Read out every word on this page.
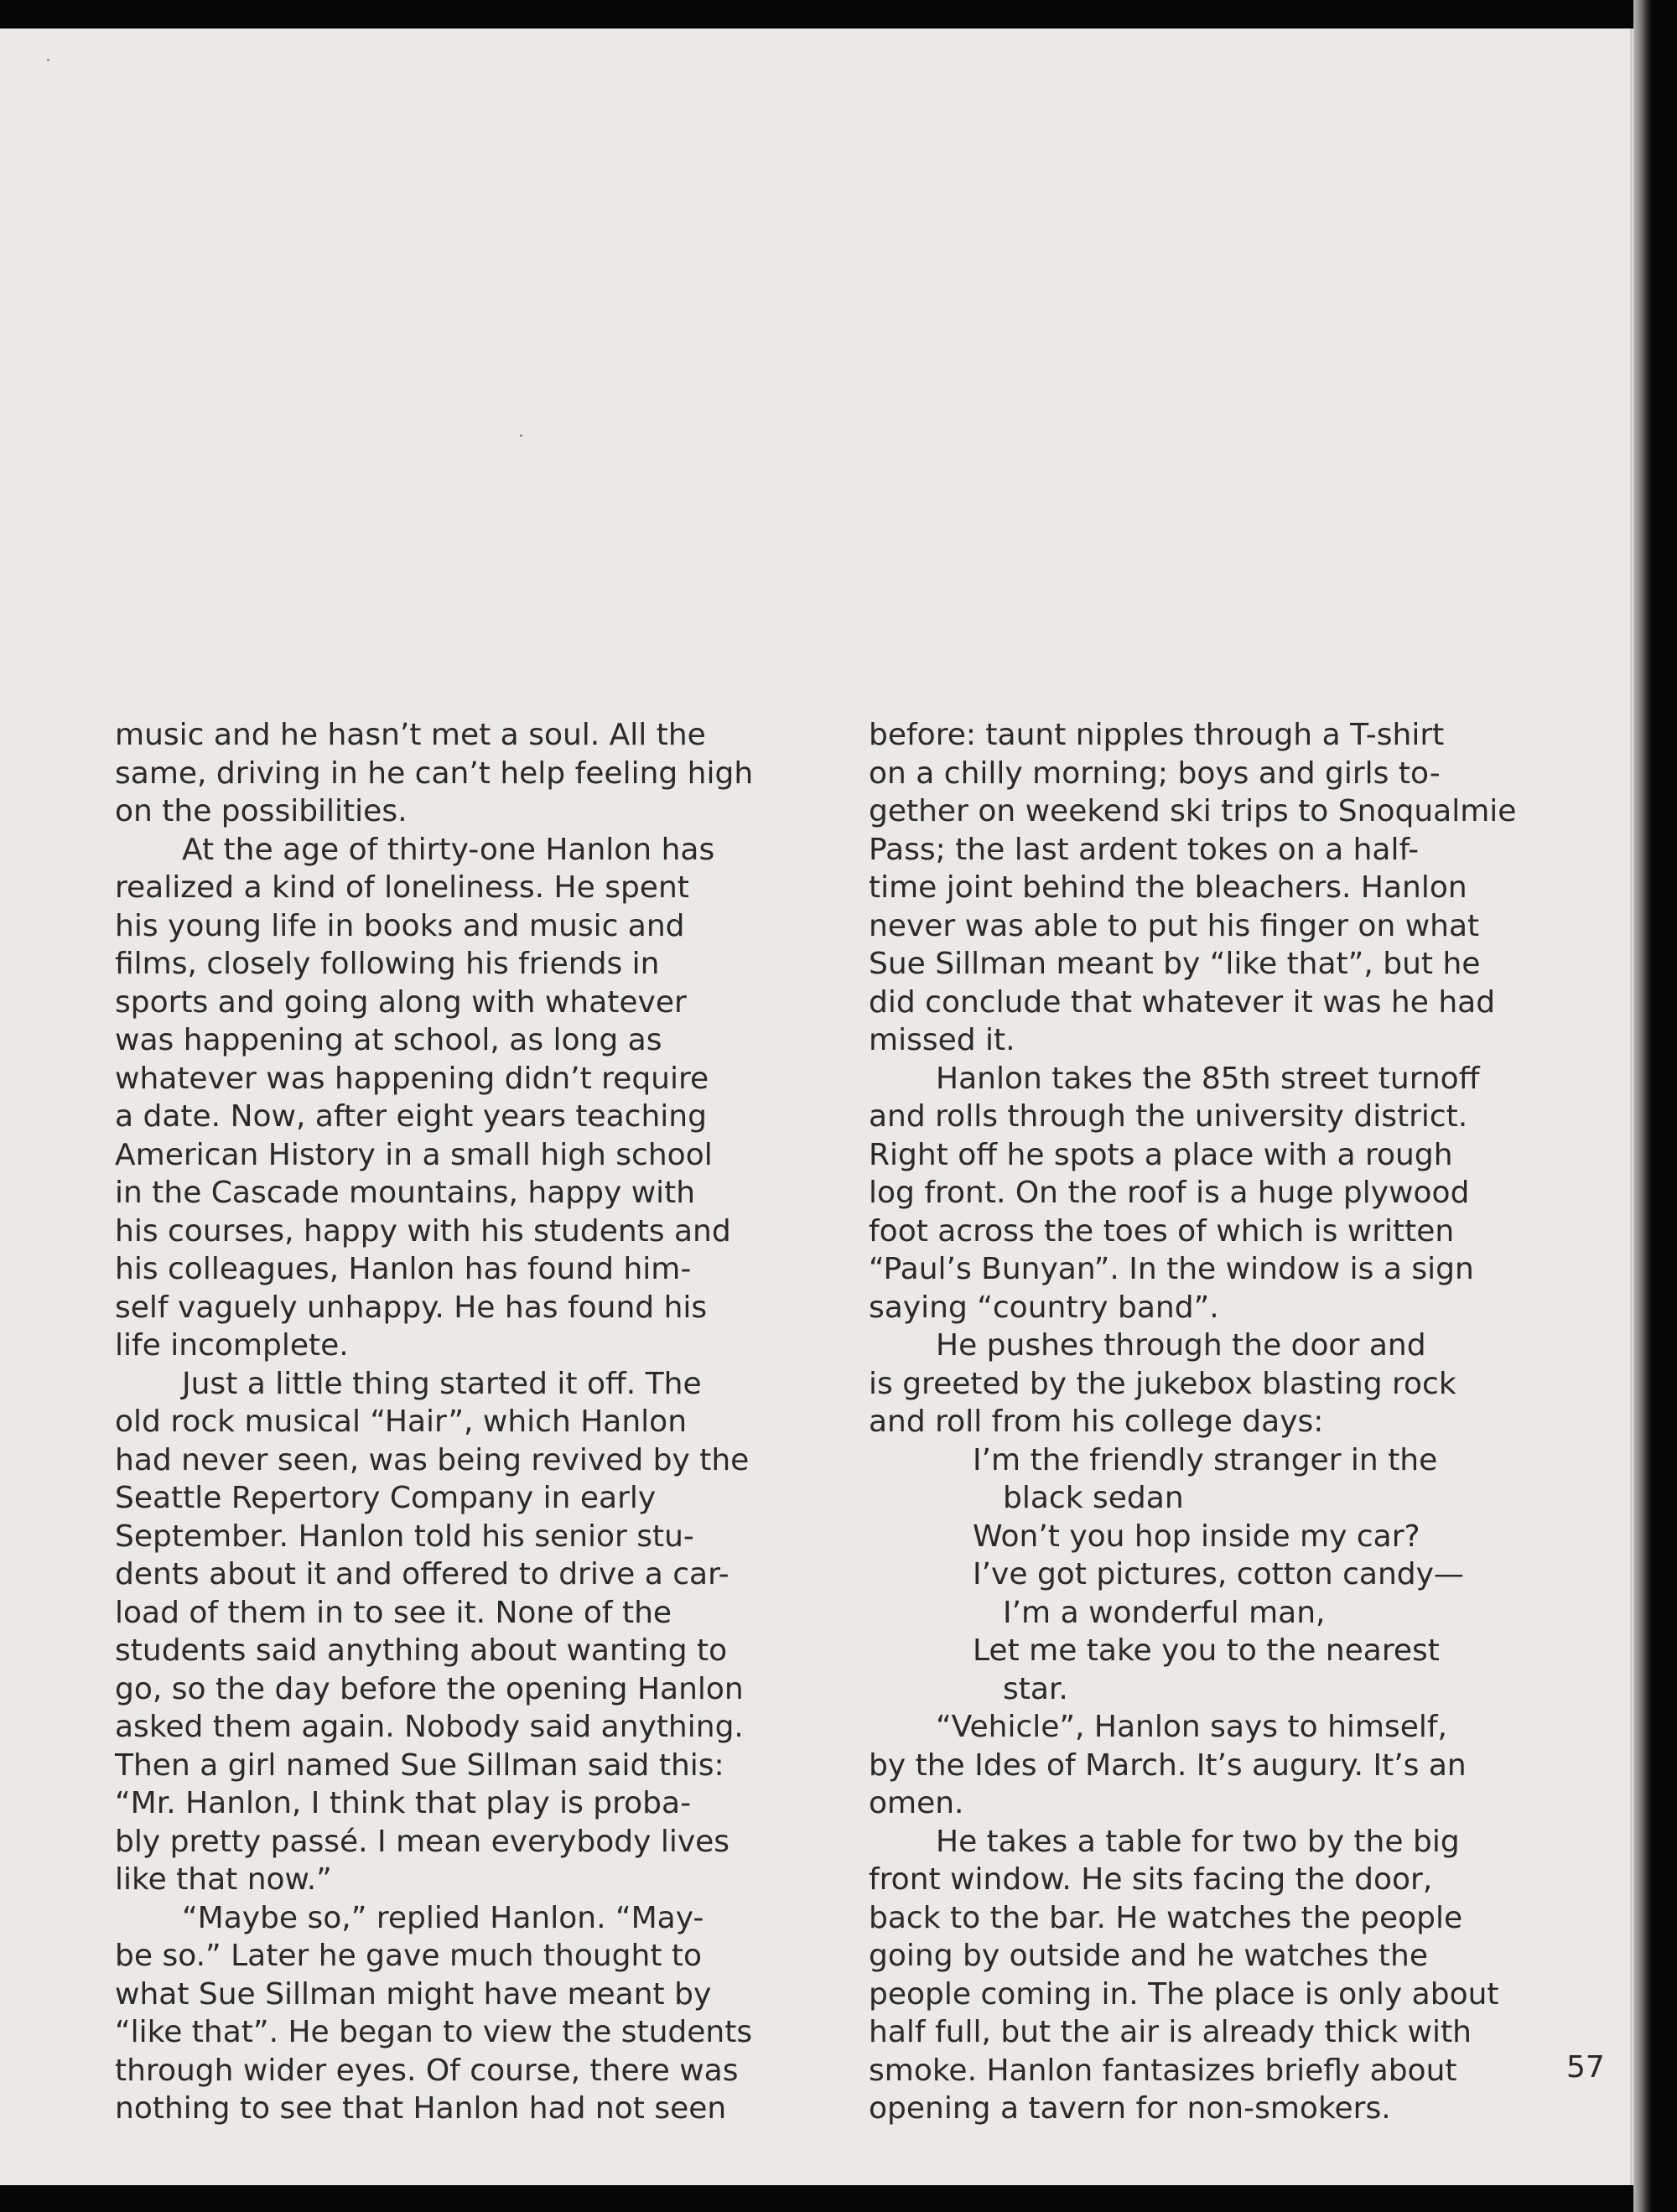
music and he hasn’t met a soul. All the

same, driving in he can’t help feeling high

on the possibilities.

At the age of thirty-one Hanlon has

realized a kind of loneliness. He spent

his young life in books and music and

films, closely following his friends in

sports and going along with whatever

was happening at school, as long as

whatever was happening didn’t require

a date. Now, after eight years teaching

American History in a small high school

in the Cascade mountains, happy with

his courses, happy with his students and

his colleagues, Hanlon has found him-

self vaguely unhappy. He has found his

life incomplete.

Just a little thing started it off. The

old rock musical “Hair”, which Hanlon

had never seen, was being revived by the

Seattle Repertory Company in early

September. Hanlon told his senior stu-

dents about it and offered to drive a car-

load of them in to see it. None of the

students said anything about wanting to

go, so the day before the opening Hanlon

asked them again. Nobody said anything.

Then a girl named Sue Sillman said this:

“Mr. Hanlon, I think that play is proba-

bly pretty passé. I mean everybody lives

like that now.”

“Maybe so,” replied Hanlon. “May-

be so.” Later he gave much thought to

what Sue Sillman might have meant by

“like that”. He began to view the students

through wider eyes. Of course, there was

nothing to see that Hanlon had not seen

before: taunt nipples through a T-shirt

on a chilly morning; boys and girls to-

gether on weekend ski trips to Snoqualmie

Pass; the last ardent tokes on a half-

time joint behind the bleachers. Hanlon

never was able to put his finger on what

Sue Sillman meant by “like that”, but he

did conclude that whatever it was he had

missed it.

Hanlon takes the 85th street turnoff

and rolls through the university district.

Right off he spots a place with a rough

log front. On the roof is a huge plywood

foot across the toes of which is written

“Paul’s Bunyan”. In the window is a sign

saying “country band”.

He pushes through the door and

is greeted by the jukebox blasting rock

and roll from his college days:

I’m the friendly stranger in the

black sedan

Won’t you hop inside my car?

I’ve got pictures, cotton candy—

I’m a wonderful man,

Let me take you to the nearest

star.

“Vehicle”, Hanlon says to himself,

by the Ides of March. It’s augury. It’s an

omen.

He takes a table for two by the big

front window. He sits facing the door,

back to the bar. He watches the people

going by outside and he watches the

people coming in. The place is only about

half full, but the air is already thick with

smoke. Hanlon fantasizes briefly about

opening a tavern for non-smokers.

57
